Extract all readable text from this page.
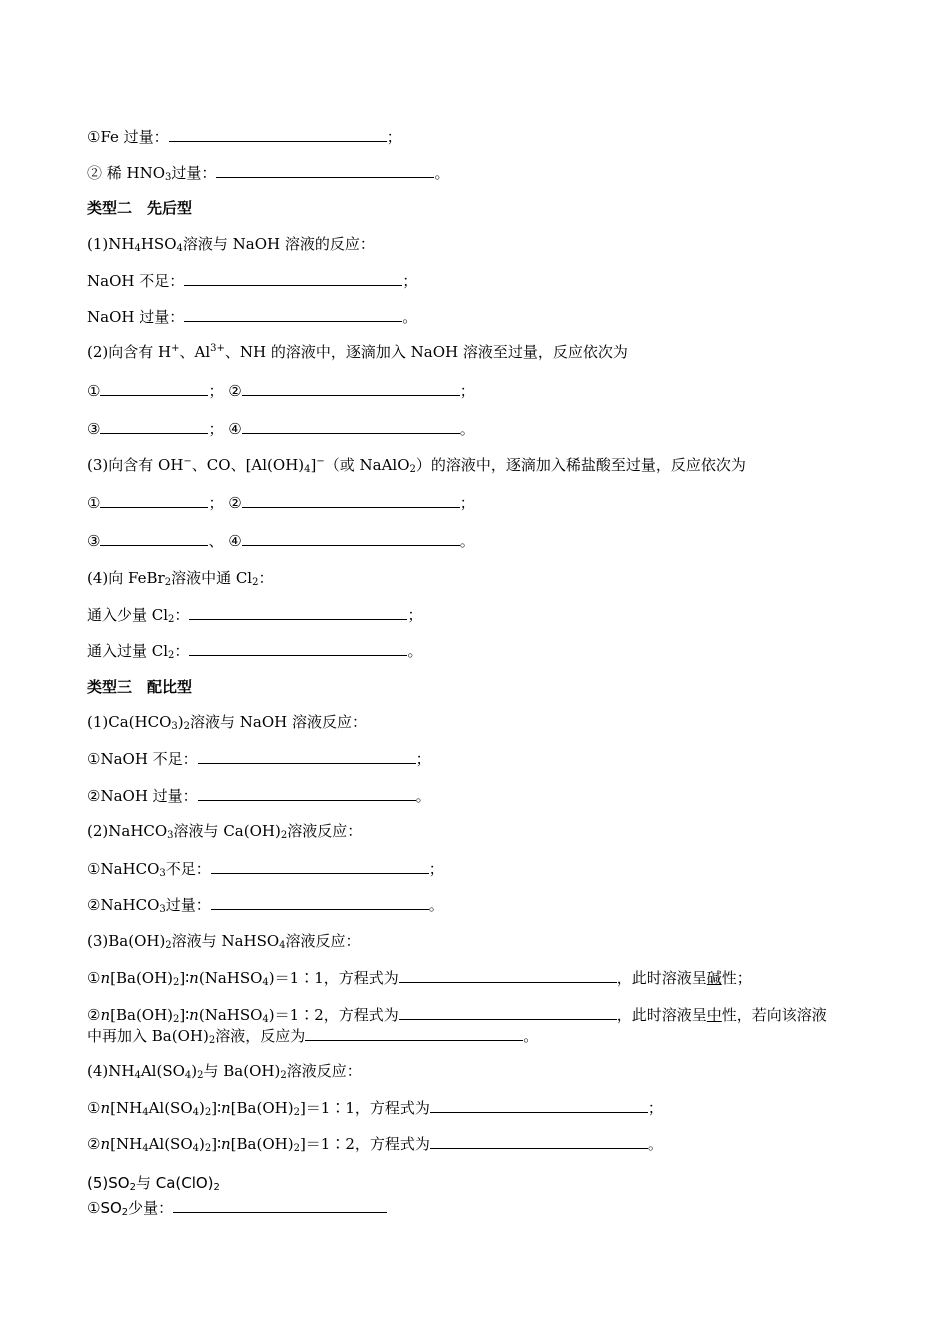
①Fe 过量：	；
② 稀 $HNO_3$过量：	。
类型二　先后型
$(1)NH_4HSO_4$溶液与 NaOH 溶液的反应：
NaOH 不足：	；
NaOH 过量：	。
(2)向含有 H+、$Al^{3+}$、NH 的溶液中，逐滴加入 NaOH 溶液至过量，反应依次为
①	； ②	；
③	； ④	。
(3)向含有 OH−、CO、$[Al(OH)_4]^-$（或 NaAlO$_2$）的溶液中，逐滴加入稀盐酸至过量，反应依次为
①	； ②	；
③	、 ④	。
(4)向 FeBr$_2$溶液中通 $Cl_2$：
通入少量 $Cl_2$：	；
通入过量 $Cl_2$：	。
类型三　配比型
$(1)Ca(HCO_3)_2$溶液与 NaOH 溶液反应：
①NaOH 不足：	；
②NaOH 过量：	。
(2)NaHCO$_3$溶液与 $Ca(OH)_2$溶液反应：
①NaHCO$_3$不足：	；
②NaHCO$_3$过量：	。
$(3)Ba(OH)_2$溶液与 NaHSO$_4$溶液反应：
$①n[Ba(OH)_2]∶n(NaHSO_4)=1∶1$，方程式为	，此时溶液呈碱性；
$②n[Ba(OH)_2]∶n(NaHSO_4)=1∶2$，方程式为	，此时溶液呈中性，若向该溶液
中再加入 $Ba(OH)_2$溶液，反应为	。
$(4)NH_4Al(SO_4)_2$与 $Ba(OH)_2$溶液反应：
$①n[NH_4Al(SO_4)_2]∶n[Ba(OH)_2]=1∶1$，方程式为	；
$②n[NH_4Al(SO_4)_2]∶n[Ba(OH)_2]=1∶2$，方程式为	。
$(5)SO_2$与 $Ca(ClO)_2$
$①SO_2$少量：
